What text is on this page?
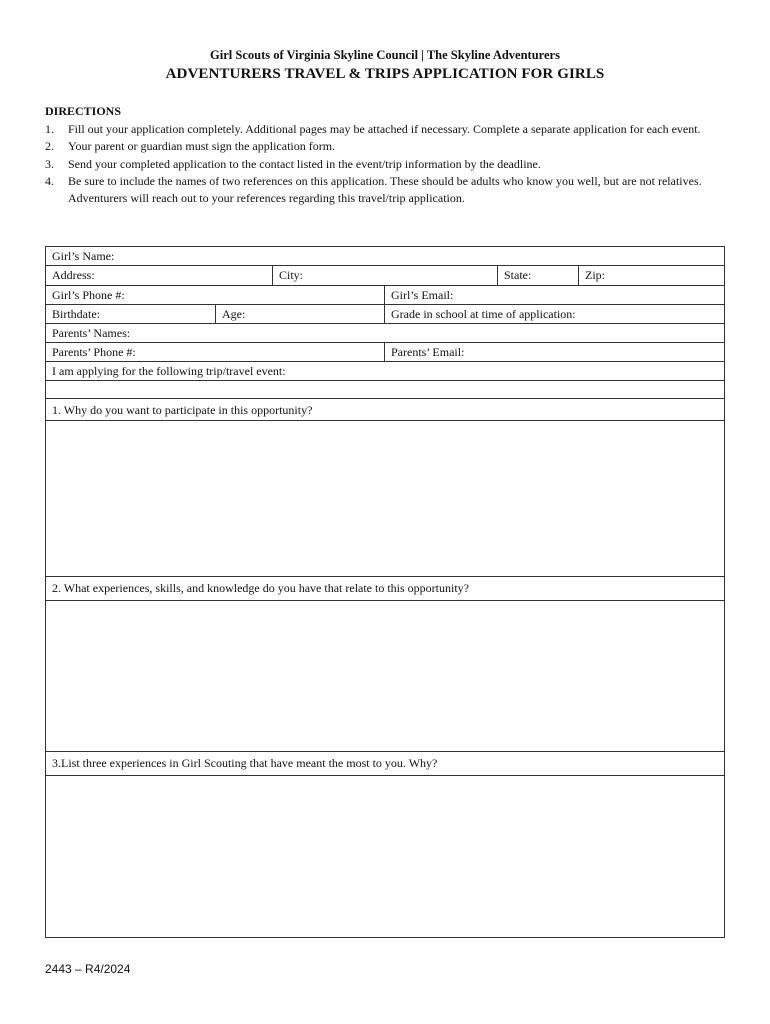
Girl Scouts of Virginia Skyline Council | The Skyline Adventurers
ADVENTURERS TRAVEL & TRIPS APPLICATION FOR GIRLS
DIRECTIONS
1. Fill out your application completely. Additional pages may be attached if necessary. Complete a separate application for each event.
2. Your parent or guardian must sign the application form.
3. Send your completed application to the contact listed in the event/trip information by the deadline.
4. Be sure to include the names of two references on this application. These should be adults who know you well, but are not relatives. Adventurers will reach out to your references regarding this travel/trip application.
Girl’s Name:
Address:	City:	State:	Zip:
Girl’s Phone #:	Girl’s Email:
Birthdate:	Age:	Grade in school at time of application:
Parents’ Names:
Parents’ Phone #:	Parents’ Email:
I am applying for the following trip/travel event:
1. Why do you want to participate in this opportunity?
2. What experiences, skills, and knowledge do you have that relate to this opportunity?
3.List three experiences in Girl Scouting that have meant the most to you. Why?
2443 – R4/2024
